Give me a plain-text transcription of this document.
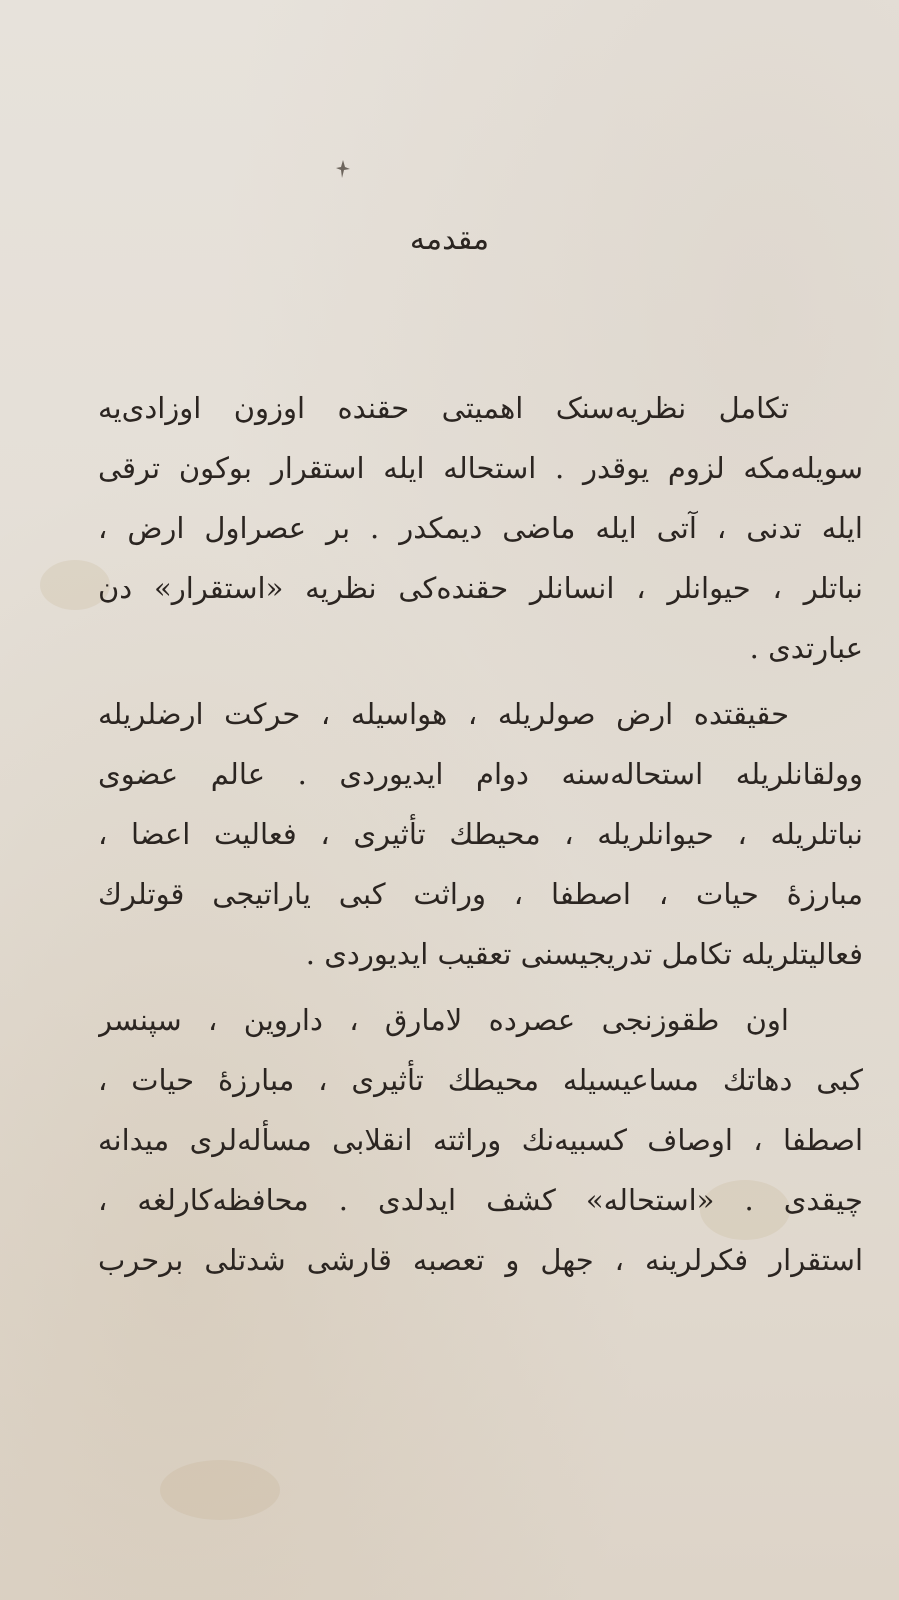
مقدمه
تکامل نظریه‌سنک اهمیتی حقنده اوزون اوزادی‌یه
سویله‌مکه لزوم یوقدر . استحاله ایله استقرار بوکون ترقی
ایله تدنی ، آتی ایله ماضی دیمکدر . بر عصراول ارض ،
نباتلر ، حیوانلر ، انسانلر حقنده‌کی نظریه «استقرار» دن
عبارتدی .
حقیقتده ارض صولریله ، هواسیله ، حرکت ارضلریله
وولقانلریله استحاله‌سنه دوام ایدیوردی . عالم عضوی
نباتلریله ، حیوانلریله ، محیطك تأثیری ، فعالیت اعضا ،
مبارزهٔ حیات ، اصطفا ، وراثت کبی یاراتیجی قوتلرك
فعالیتلریله تکامل تدریجیسنی تعقیب ایدیوردی .
اون طقوزنجی عصرده لامارق ، داروین ، سپنسر
کبی دهاتك مساعیسیله محیطك تأثیری ، مبارزهٔ حیات ،
اصطفا ، اوصاف کسبیه‌نك وراثته انقلابی مسأله‌لری میدانه
چیقدی . «استحاله» کشف ایدلدی . محافظه‌کارلغه ،
استقرار فکرلرینه ، جهل و تعصبه قارشی شدتلی برحرب
